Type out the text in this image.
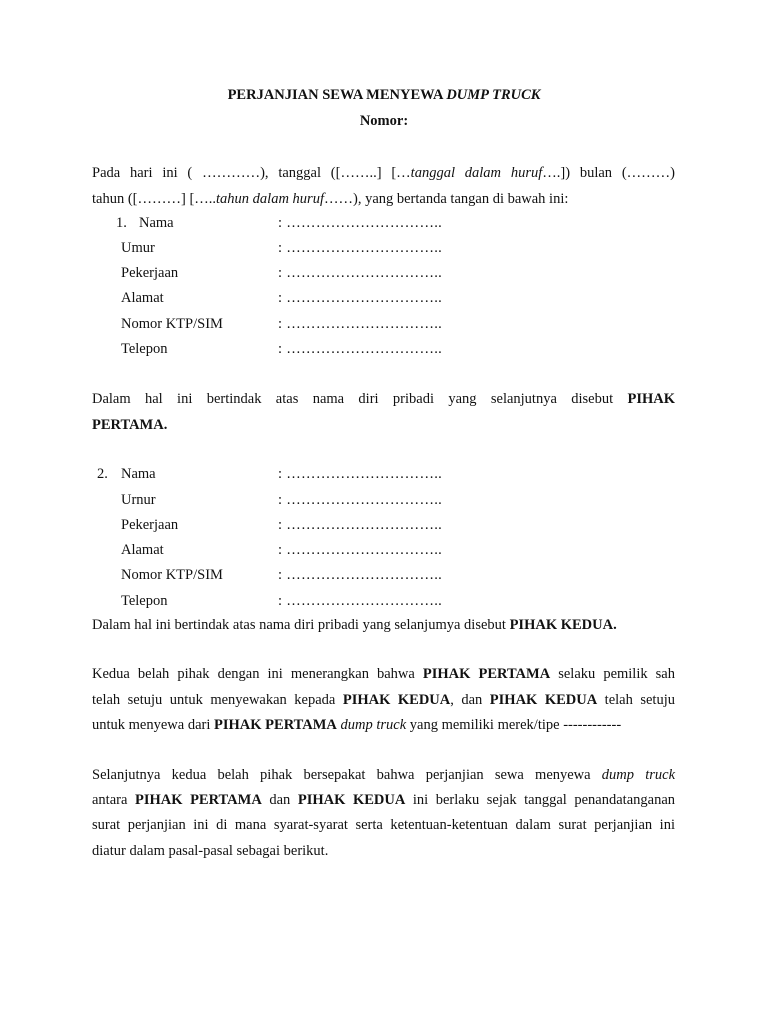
PERJANJIAN SEWA MENYEWA DUMP TRUCK
Nomor:
Pada hari ini ( …………), tanggal ([……..] […tanggal dalam huruf….]) bulan (………)
tahun ([………] […..tahun dalam huruf……), yang bertanda tangan di bawah ini:
1. Nama	: …………………………..
Umur	: …………………………..
Pekerjaan	: …………………………..
Alamat	: …………………………..
Nomor KTP/SIM	: …………………………..
Telepon	: …………………………..
Dalam hal ini bertindak atas nama diri pribadi yang selanjutnya disebut PIHAK
PERTAMA.
2. Nama	: …………………………..
Urnur	: …………………………..
Pekerjaan	: …………………………..
Alamat	: …………………………..
Nomor KTP/SIM	: …………………………..
Telepon	: …………………………..
Dalam hal ini bertindak atas nama diri pribadi yang selanjumya disebut PIHAK KEDUA.
Kedua belah pihak dengan ini menerangkan bahwa PIHAK PERTAMA selaku pemilik sah
telah setuju untuk menyewakan kepada PIHAK KEDUA, dan PIHAK KEDUA telah setuju
untuk menyewa dari PIHAK PERTAMA dump truck yang memiliki merek/tipe ------------
Selanjutnya kedua belah pihak bersepakat bahwa perjanjian sewa menyewa dump truck
antara PIHAK PERTAMA dan PIHAK KEDUA ini berlaku sejak tanggal penandatanganan
surat perjanjian ini di mana syarat-syarat serta ketentuan-ketentuan dalam surat perjanjian ini
diatur dalam pasal-pasal sebagai berikut.
